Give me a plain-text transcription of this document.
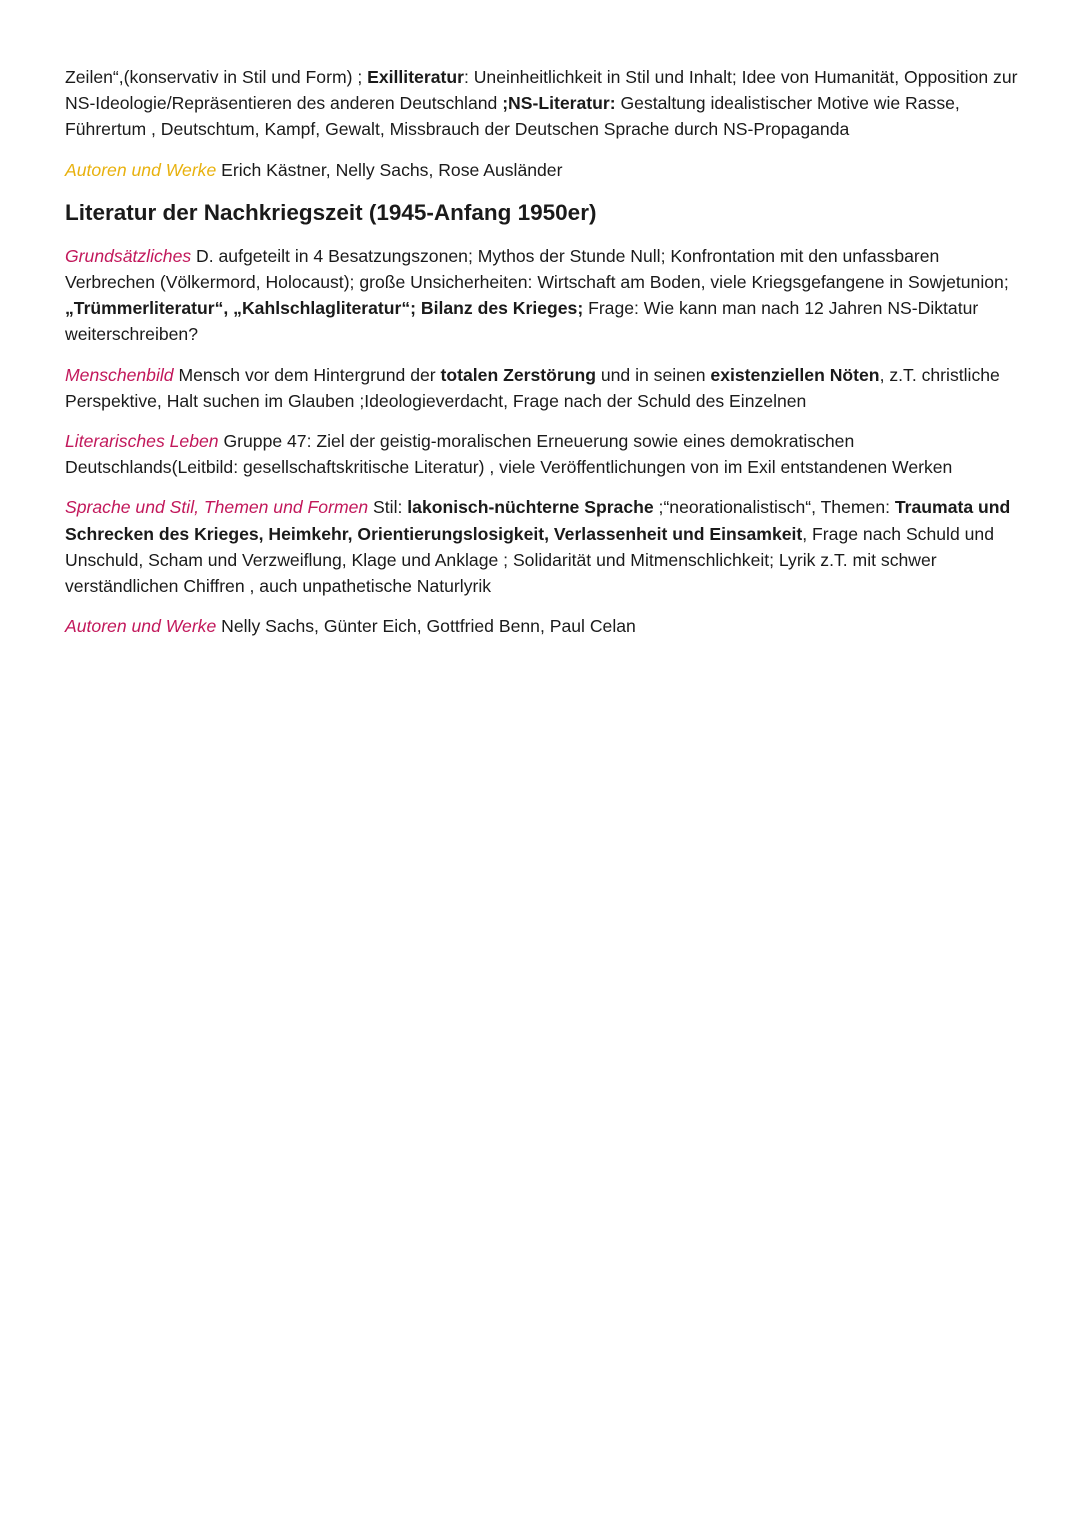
Zeilen“,(konservativ in Stil und Form) ; Exilliteratur: Uneinheitlichkeit in Stil und Inhalt; Idee von Humanität, Opposition zur NS-Ideologie/Repräsentieren des anderen Deutschland ;NS-Literatur: Gestaltung idealistischer Motive wie Rasse, Führertum , Deutschtum, Kampf, Gewalt, Missbrauch der Deutschen Sprache durch NS-Propaganda

Autoren und Werke Erich Kästner, Nelly Sachs, Rose Ausländer

Literatur der Nachkriegszeit (1945-Anfang 1950er)

Grundsätzliches D. aufgeteilt in 4 Besatzungszonen; Mythos der Stunde Null; Konfrontation mit den unfassbaren Verbrechen (Völkermord, Holocaust); große Unsicherheiten: Wirtschaft am Boden, viele Kriegsgefangene in Sowjetunion; „Trümmerliteratur“, „Kahlschlagliteratur“; Bilanz des Krieges; Frage: Wie kann man nach 12 Jahren NS-Diktatur weiterschreiben?

Menschenbild Mensch vor dem Hintergrund der totalen Zerstörung und in seinen existenziellen Nöten, z.T. christliche Perspektive, Halt suchen im Glauben ;Ideologieverdacht, Frage nach der Schuld des Einzelnen

Literarisches Leben Gruppe 47: Ziel der geistig-moralischen Erneuerung sowie eines demokratischen Deutschlands(Leitbild: gesellschaftskritische Literatur) , viele Veröffentlichungen von im Exil entstandenen Werken

Sprache und Stil, Themen und Formen Stil: lakonisch-nüchterne Sprache ;“neorationalistisch“, Themen: Traumata und Schrecken des Krieges, Heimkehr, Orientierungslosigkeit, Verlassenheit und Einsamkeit, Frage nach Schuld und Unschuld, Scham und Verzweiflung, Klage und Anklage ; Solidarität und Mitmenschlichkeit; Lyrik z.T. mit schwer verständlichen Chiffren , auch unpathetische Naturlyrik

Autoren und Werke Nelly Sachs, Günter Eich, Gottfried Benn, Paul Celan
